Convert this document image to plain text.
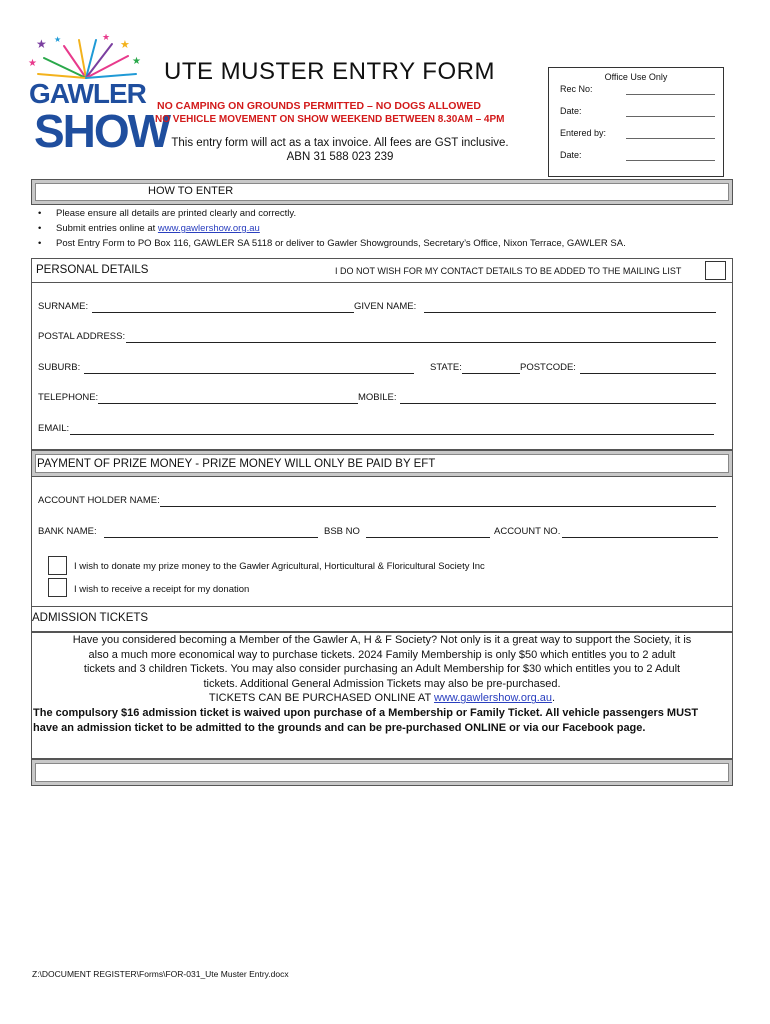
★	★
★	★
★	★
GAWLER
SHOW
UTE MUSTER ENTRY FORM
NO CAMPING ON GROUNDS PERMITTED – NO DOGS ALLOWED
NO VEHICLE MOVEMENT ON SHOW WEEKEND BETWEEN 8.30AM – 4PM
This entry form will act as a tax invoice. All fees are GST inclusive.
ABN 31 588 023 239
Office Use Only
Rec No:
Date:
Entered by:
Date:
HOW TO ENTER
• Please ensure all details are printed clearly and correctly.
• Submit entries online at www.gawlershow.org.au
• Post Entry Form to PO Box 116, GAWLER SA 5118 or deliver to Gawler Showgrounds, Secretary’s Office, Nixon Terrace, GAWLER SA.
PERSONAL DETAILS	I DO NOT WISH FOR MY CONTACT DETAILS TO BE ADDED TO THE MAILING LIST
SURNAME:	GIVEN NAME:
POSTAL ADDRESS:
SUBURB:	STATE:	POSTCODE:
TELEPHONE:	MOBILE:
EMAIL:
PAYMENT OF PRIZE MONEY - PRIZE MONEY WILL ONLY BE PAID BY EFT
ACCOUNT HOLDER NAME:
BANK NAME:	BSB NO	ACCOUNT NO.
I wish to donate my prize money to the Gawler Agricultural, Horticultural & Floricultural Society Inc
I wish to receive a receipt for my donation
ADMISSION TICKETS
Have you considered becoming a Member of the Gawler A, H & F Society? Not only is it a great way to support the Society, it is
also a much more economical way to purchase tickets. 2024 Family Membership is only $50 which entitles you to 2 adult
tickets and 3 children Tickets. You may also consider purchasing an Adult Membership for $30 which entitles you to 2 Adult
tickets. Additional General Admission Tickets may also be pre-purchased.
TICKETS CAN BE PURCHASED ONLINE AT www.gawlershow.org.au.
The compulsory $16 admission ticket is waived upon purchase of a Membership or Family Ticket. All vehicle passengers MUST
have an admission ticket to be admitted to the grounds and can be pre-purchased ONLINE or via our Facebook page.
Z:\DOCUMENT REGISTER\Forms\FOR-031_Ute Muster Entry.docx
